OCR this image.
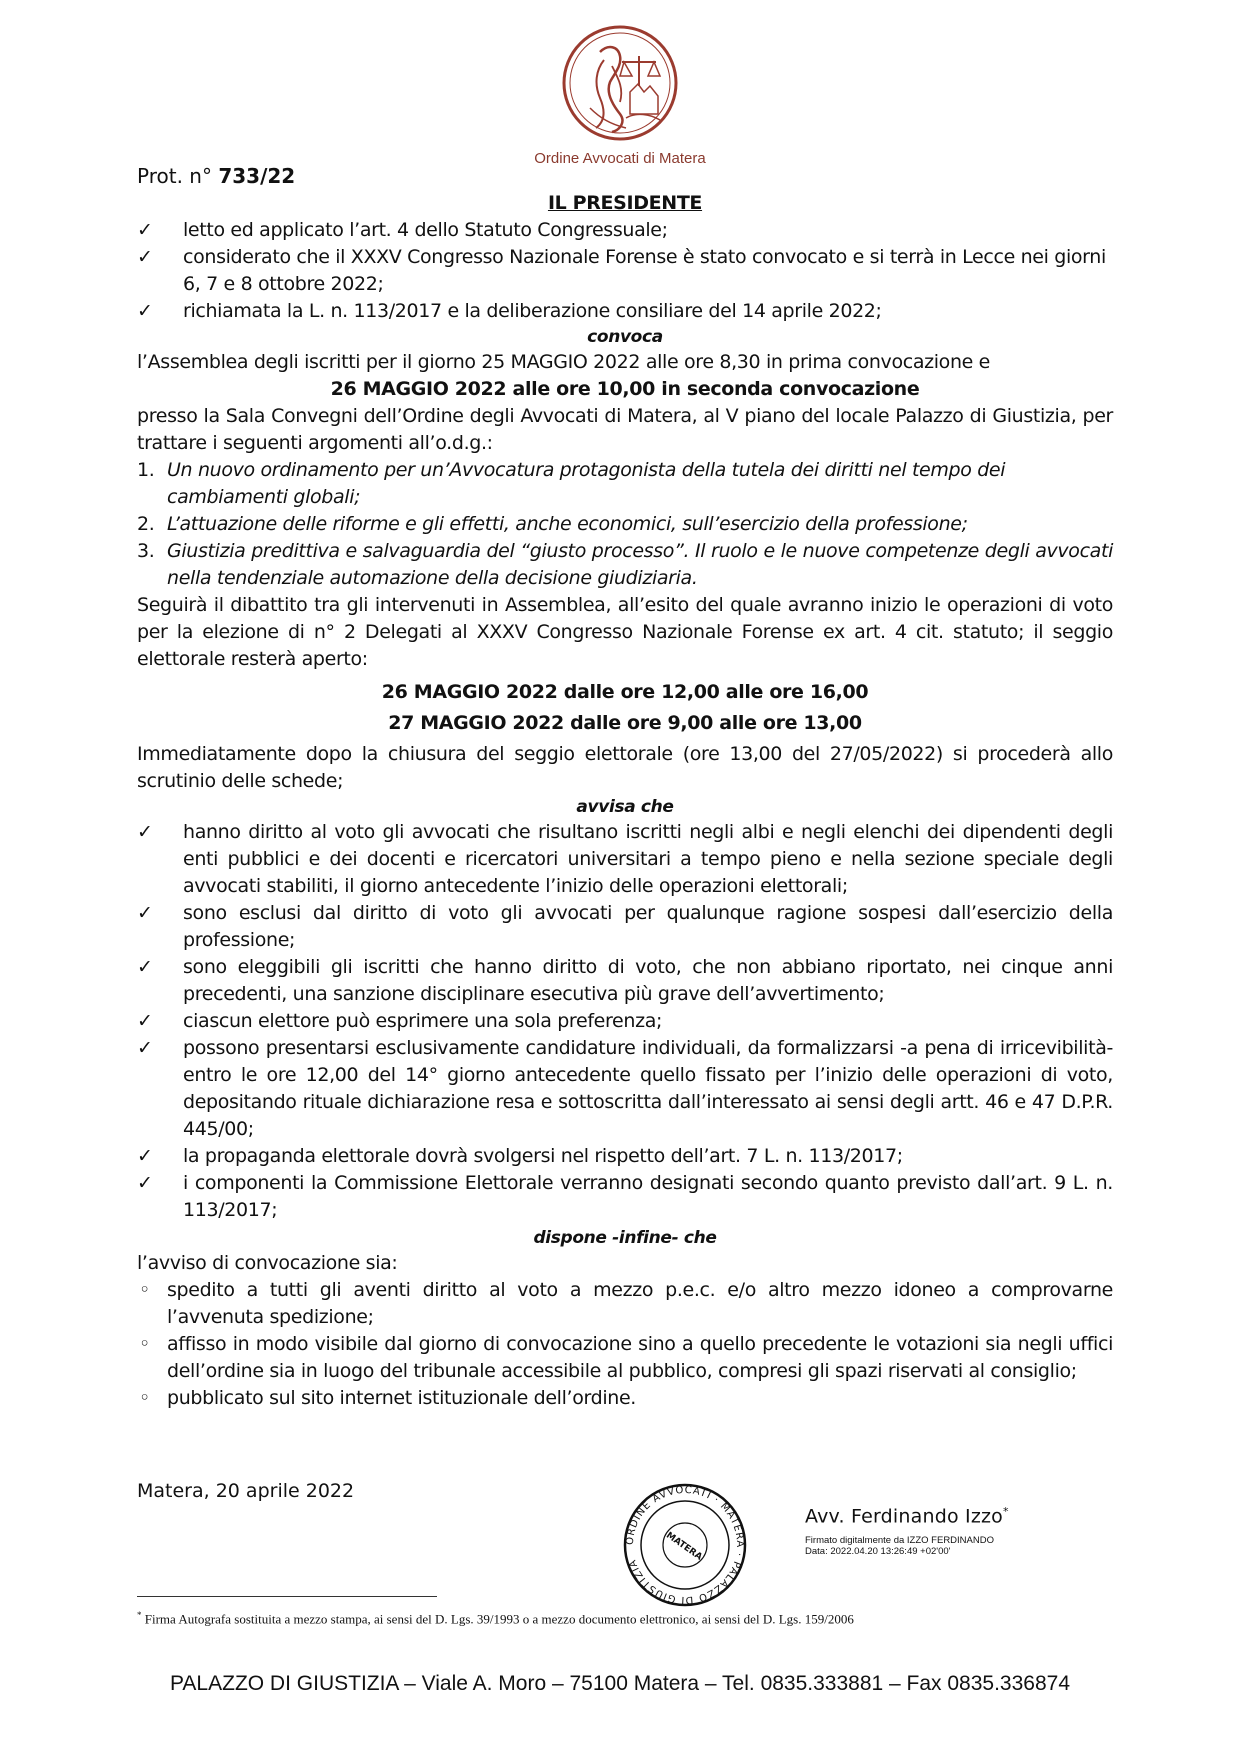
Ordine Avvocati di Matera
Prot. n° 733/22
IL PRESIDENTE
✓ letto ed applicato l’art. 4 dello Statuto Congressuale;
✓ considerato che il XXXV Congresso Nazionale Forense è stato convocato e si terrà in Lecce nei giorni 6, 7 e 8 ottobre 2022;
✓ richiamata la L. n. 113/2017 e la deliberazione consiliare del 14 aprile 2022;
convoca
l’Assemblea degli iscritti per il giorno 25 MAGGIO 2022 alle ore 8,30 in prima convocazione e
26 MAGGIO 2022 alle ore 10,00 in seconda convocazione
presso la Sala Convegni dell’Ordine degli Avvocati di Matera, al V piano del locale Palazzo di Giustizia, per trattare i seguenti argomenti all’o.d.g.:
1. Un nuovo ordinamento per un’Avvocatura protagonista della tutela dei diritti nel tempo dei cambiamenti globali;
2. L’attuazione delle riforme e gli effetti, anche economici, sull’esercizio della professione;
3. Giustizia predittiva e salvaguardia del “giusto processo”. Il ruolo e le nuove competenze degli avvocati nella tendenziale automazione della decisione giudiziaria.
Seguirà il dibattito tra gli intervenuti in Assemblea, all’esito del quale avranno inizio le operazioni di voto per la elezione di n° 2 Delegati al XXXV Congresso Nazionale Forense ex art. 4 cit. statuto; il seggio elettorale resterà aperto:
26 MAGGIO 2022 dalle ore 12,00 alle ore 16,00
27 MAGGIO 2022 dalle ore 9,00 alle ore 13,00
Immediatamente dopo la chiusura del seggio elettorale (ore 13,00 del 27/05/2022) si procederà allo scrutinio delle schede;
avvisa che
✓ hanno diritto al voto gli avvocati che risultano iscritti negli albi e negli elenchi dei dipendenti degli enti pubblici e dei docenti e ricercatori universitari a tempo pieno e nella sezione speciale degli avvocati stabiliti, il giorno antecedente l’inizio delle operazioni elettorali;
✓ sono esclusi dal diritto di voto gli avvocati per qualunque ragione sospesi dall’esercizio della professione;
✓ sono eleggibili gli iscritti che hanno diritto di voto, che non abbiano riportato, nei cinque anni precedenti, una sanzione disciplinare esecutiva più grave dell’avvertimento;
✓ ciascun elettore può esprimere una sola preferenza;
✓ possono presentarsi esclusivamente candidature individuali, da formalizzarsi -a pena di irricevibilità- entro le ore 12,00 del 14° giorno antecedente quello fissato per l’inizio delle operazioni di voto, depositando rituale dichiarazione resa e sottoscritta dall’interessato ai sensi degli artt. 46 e 47 D.P.R. 445/00;
✓ la propaganda elettorale dovrà svolgersi nel rispetto dell’art. 7 L. n. 113/2017;
✓ i componenti la Commissione Elettorale verranno designati secondo quanto previsto dall’art. 9 L. n. 113/2017;
dispone -infine- che
l’avviso di convocazione sia:
◦ spedito a tutti gli aventi diritto al voto a mezzo p.e.c. e/o altro mezzo idoneo a comprovarne l’avvenuta spedizione;
◦ affisso in modo visibile dal giorno di convocazione sino a quello precedente le votazioni sia negli uffici dell’ordine sia in luogo del tribunale accessibile al pubblico, compresi gli spazi riservati al consiglio;
◦ pubblicato sul sito internet istituzionale dell’ordine.
Matera, 20 aprile 2022
ORDINE AVVOCATI · MATERA · PALAZZO DI GIUSTIZIA
MATERA
Avv. Ferdinando Izzo*
Firmato digitalmente da IZZO FERDINANDO
Data: 2022.04.20 13:26:49 +02'00'
* Firma Autografa sostituita a mezzo stampa, ai sensi del D. Lgs. 39/1993 o a mezzo documento elettronico, ai sensi del D. Lgs. 159/2006
PALAZZO DI GIUSTIZIA – Viale A. Moro – 75100 Matera – Tel. 0835.333881 – Fax 0835.336874
